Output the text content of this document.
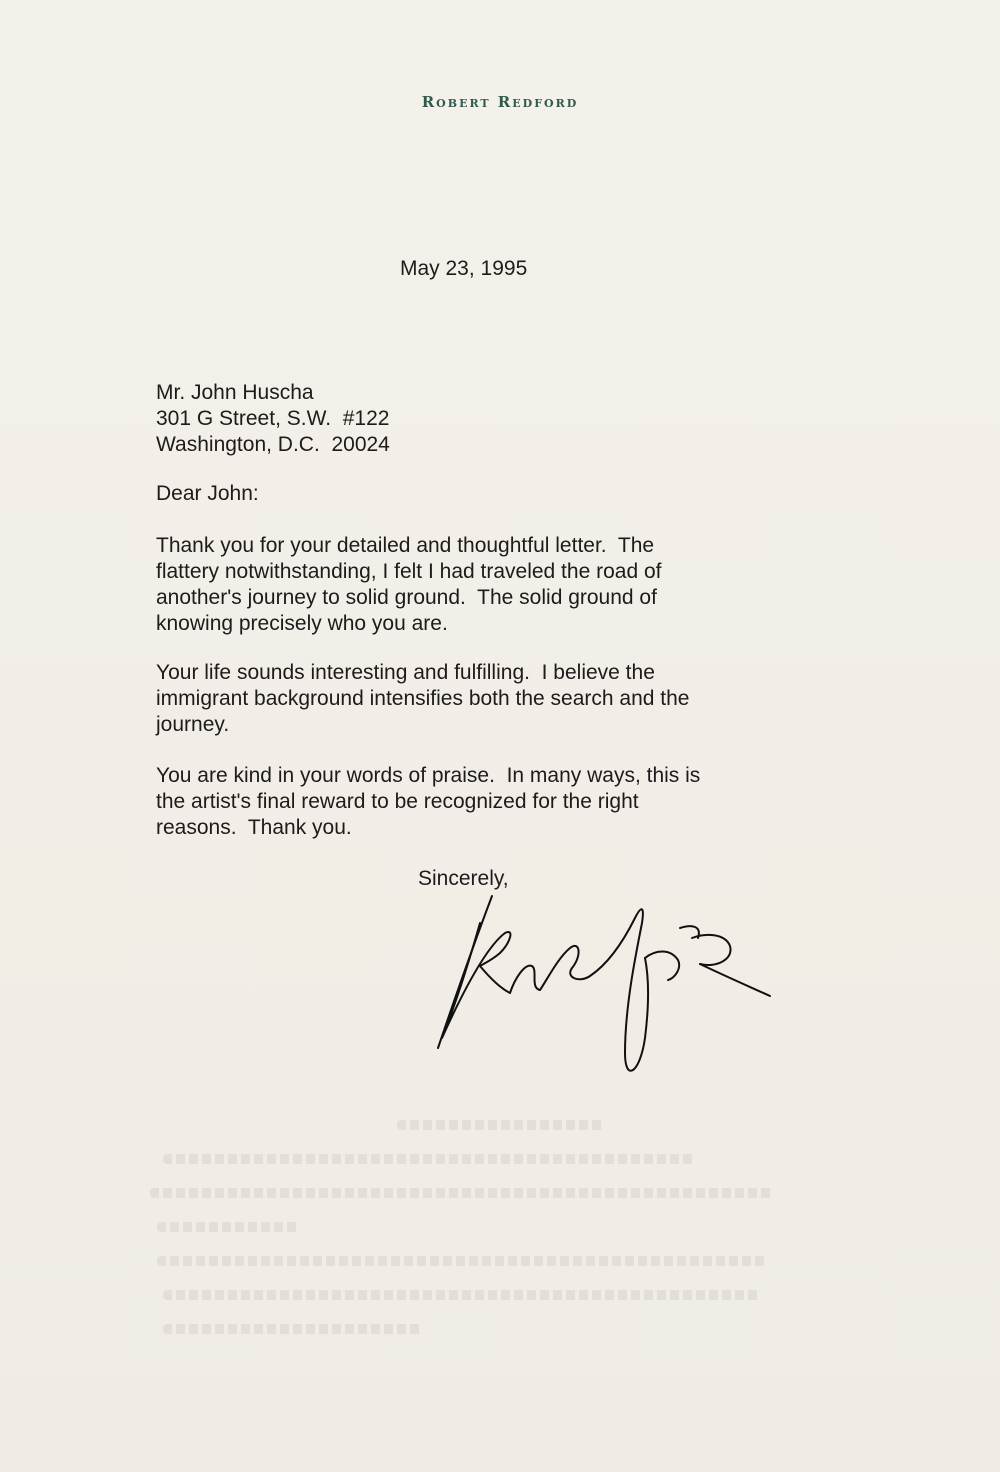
Robert Redford
May 23, 1995
Mr. John Huscha
301 G Street, S.W.  #122
Washington, D.C.  20024
Dear John:
Thank you for your detailed and thoughtful letter.  The
flattery notwithstanding, I felt I had traveled the road of
another's journey to solid ground.  The solid ground of
knowing precisely who you are.
Your life sounds interesting and fulfilling.  I believe the
immigrant background intensifies both the search and the
journey.
You are kind in your words of praise.  In many ways, this is
the artist's final reward to be recognized for the right
reasons.  Thank you.
Sincerely,
